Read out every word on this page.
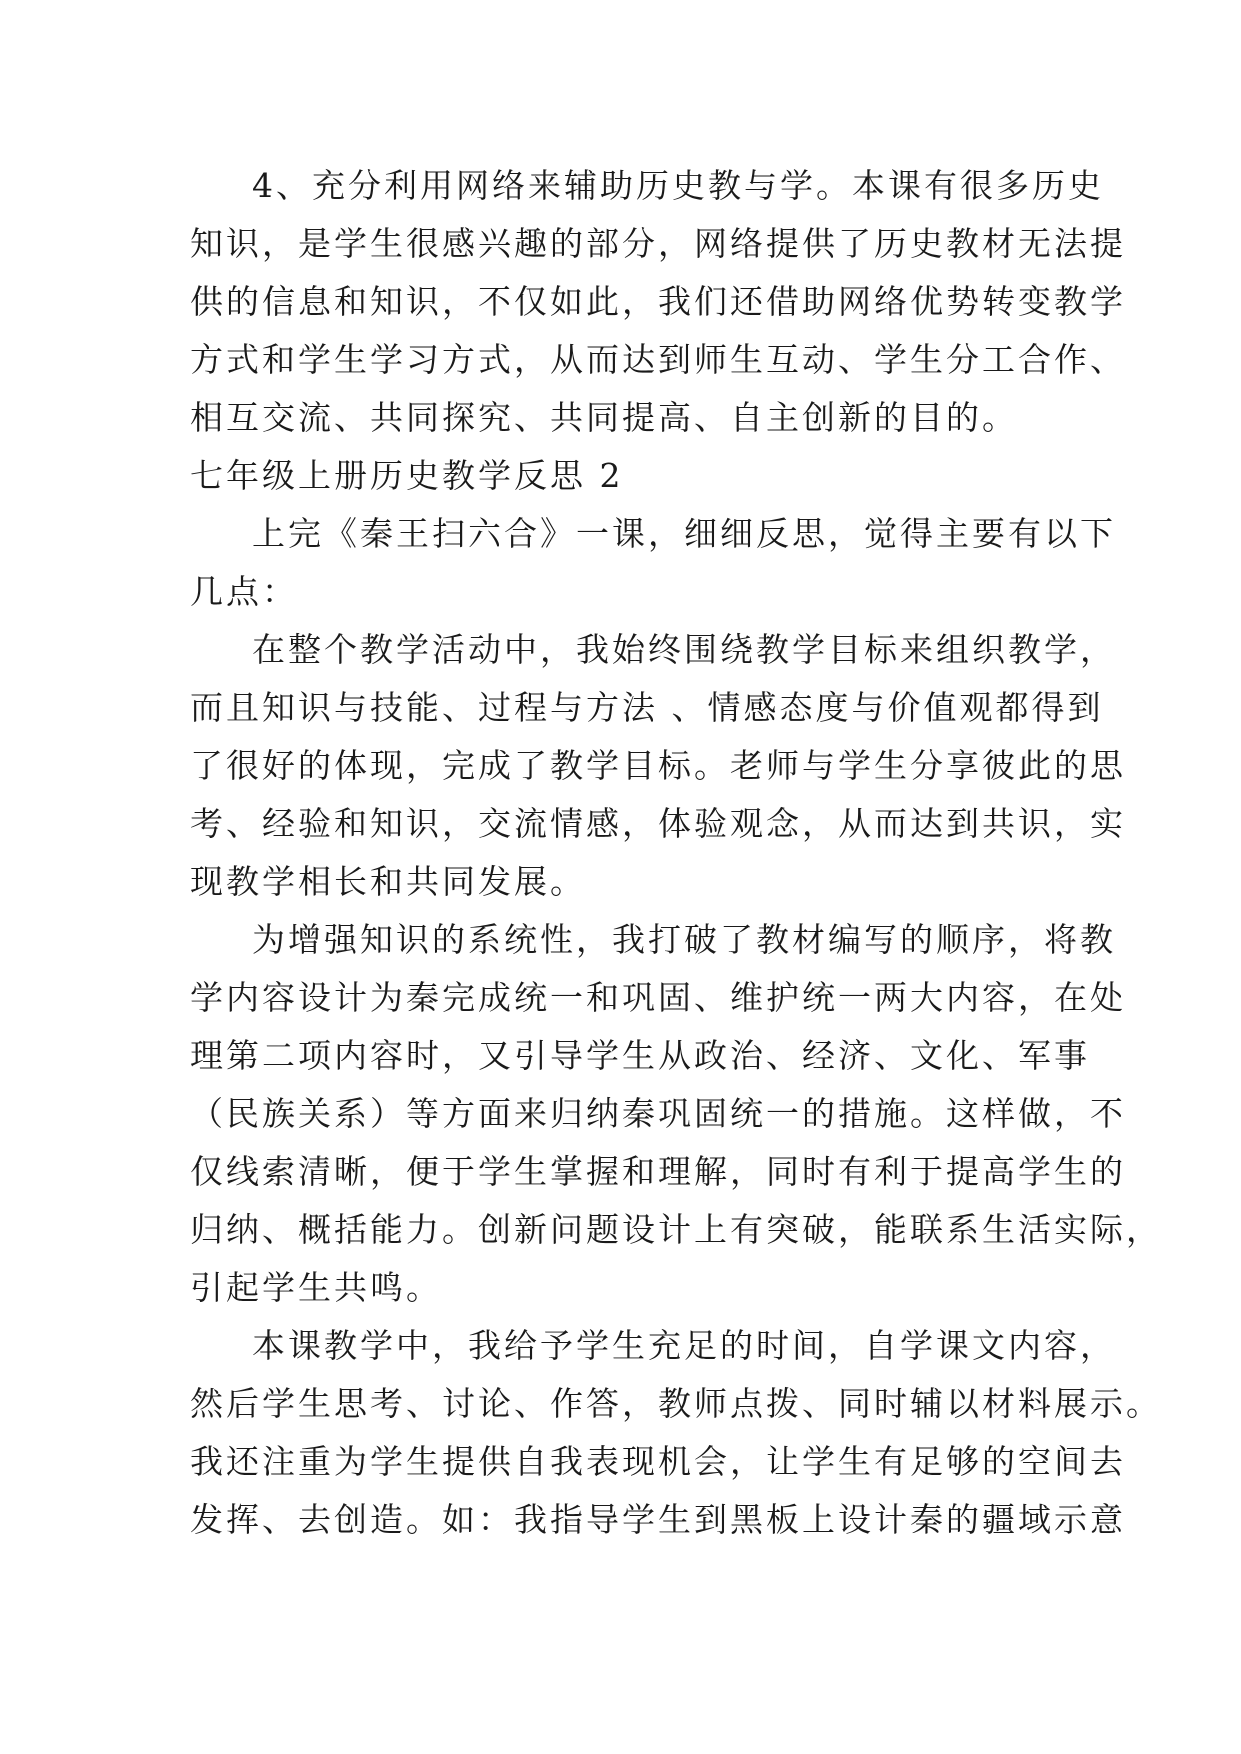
4、充分利用网络来辅助历史教与学。本课有很多历史
知识，是学生很感兴趣的部分，网络提供了历史教材无法提
供的信息和知识，不仅如此，我们还借助网络优势转变教学
方式和学生学习方式，从而达到师生互动、学生分工合作、
相互交流、共同探究、共同提高、自主创新的目的。
七年级上册历史教学反思 2
上完《秦王扫六合》一课，细细反思，觉得主要有以下
几点：
在整个教学活动中，我始终围绕教学目标来组织教学，
而且知识与技能、过程与方法 、情感态度与价值观都得到
了很好的体现，完成了教学目标。老师与学生分享彼此的思
考、经验和知识，交流情感，体验观念，从而达到共识，实
现教学相长和共同发展。
为增强知识的系统性，我打破了教材编写的顺序，将教
学内容设计为秦完成统一和巩固、维护统一两大内容，在处
理第二项内容时，又引导学生从政治、经济、文化、军事
（民族关系）等方面来归纳秦巩固统一的措施。这样做，不
仅线索清晰，便于学生掌握和理解，同时有利于提高学生的
归纳、概括能力。创新问题设计上有突破，能联系生活实际，
引起学生共鸣。
本课教学中，我给予学生充足的时间，自学课文内容，
然后学生思考、讨论、作答，教师点拨、同时辅以材料展示。
我还注重为学生提供自我表现机会，让学生有足够的空间去
发挥、去创造。如：我指导学生到黑板上设计秦的疆域示意
